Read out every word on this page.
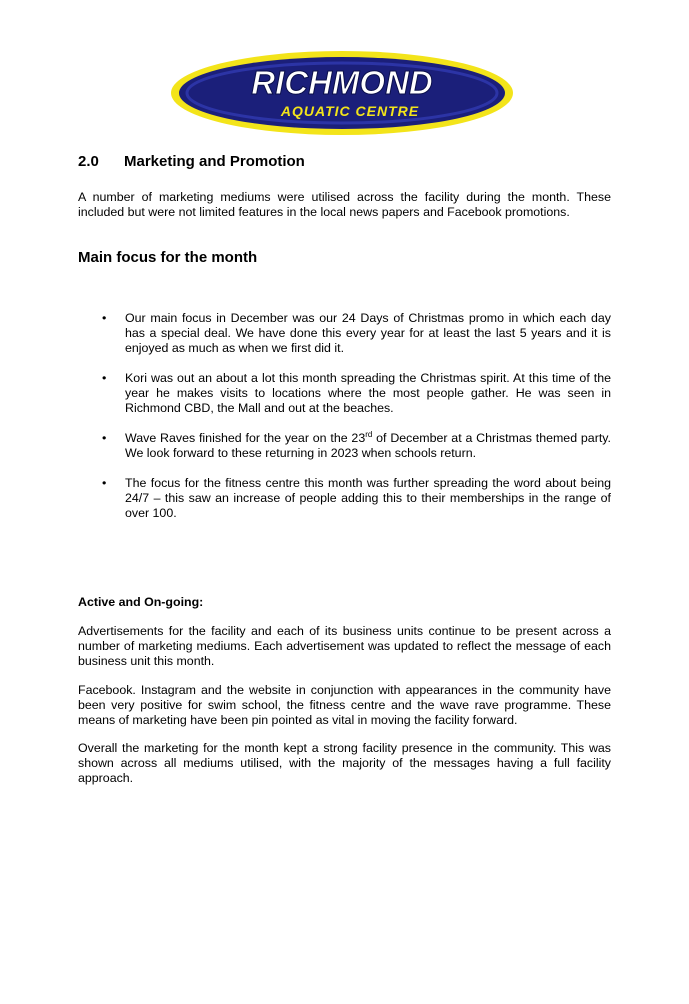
RICHMOND
AQUATIC CENTRE
2.0 Marketing and Promotion

A number of marketing mediums were utilised across the facility during the month. These included but were not limited features in the local news papers and Facebook promotions.

Main focus for the month
• Our main focus in December was our 24 Days of Christmas promo in which each day has a special deal. We have done this every year for at least the last 5 years and it is enjoyed as much as when we first did it.
• Kori was out an about a lot this month spreading the Christmas spirit. At this time of the year he makes visits to locations where the most people gather. He was seen in Richmond CBD, the Mall and out at the beaches.
• Wave Raves finished for the year on the 23rd of December at a Christmas themed party. We look forward to these returning in 2023 when schools return.
• The focus for the fitness centre this month was further spreading the word about being 24/7 – this saw an increase of people adding this to their memberships in the range of over 100.
Active and On-going:

Advertisements for the facility and each of its business units continue to be present across a number of marketing mediums. Each advertisement was updated to reflect the message of each business unit this month.

Facebook. Instagram and the website in conjunction with appearances in the community have been very positive for swim school, the fitness centre and the wave rave programme. These means of marketing have been pin pointed as vital in moving the facility forward.

Overall the marketing for the month kept a strong facility presence in the community. This was shown across all mediums utilised, with the majority of the messages having a full facility approach.
